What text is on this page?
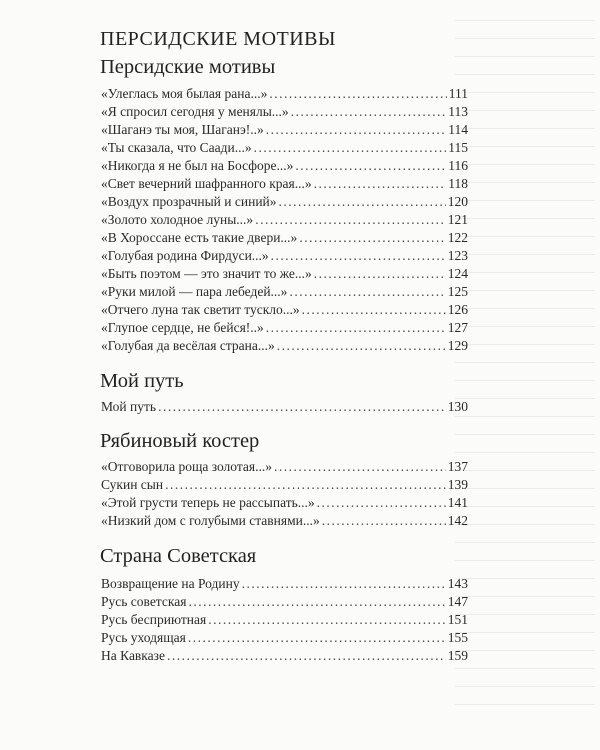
ПЕРСИДСКИЕ МОТИВЫ
Персидские мотивы
«Улеглась моя былая рана...» .....	111
«Я спросил сегодня у менялы...» .....	113
«Шаганэ ты моя, Шаганэ!..» .....	114
«Ты сказала, что Саади...» .....	115
«Никогда я не был на Босфоре...» .....	116
«Свет вечерний шафранного края...» .....	118
«Воздух прозрачный и синий» .....	120
«Золото холодное луны...» .....	121
«В Хороссане есть такие двери...» .....	122
«Голубая родина Фирдуси...» .....	123
«Быть поэтом — это значит то же...» .....	124
«Руки милой — пара лебедей...» .....	125
«Отчего луна так светит тускло...» .....	126
«Глупое сердце, не бейся!..» .....	127
«Голубая да весёлая страна...» .....	129
Мой путь
Мой путь .....	130
Рябиновый костер
«Отговорила роща золотая...» .....	137
Сукин сын .....	139
«Этой грусти теперь не рассыпать...» .....	141
«Низкий дом с голубыми ставнями...» .....	142
Страна Советская
Возвращение на Родину .....	143
Русь советская .....	147
Русь бесприютная .....	151
Русь уходящая .....	155
На Кавказе .....	159
